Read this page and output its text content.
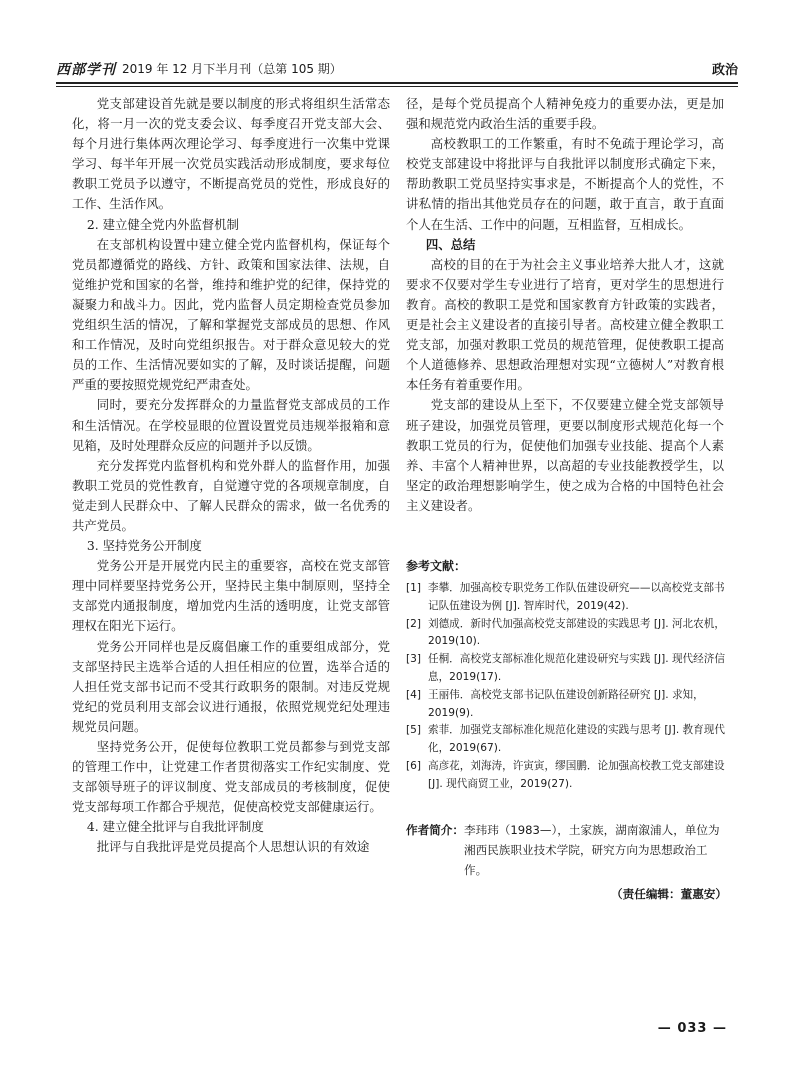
西部学刊 2019 年 12 月下半月刊（总第 105 期）	政治

党支部建设首先就是要以制度的形式将组织生活常态化，将一月一次的党支委会议、每季度召开党支部大会、每个月进行集体两次理论学习、每季度进行一次集中党课学习、每半年开展一次党员实践活动形成制度，要求每位教职工党员予以遵守，不断提高党员的党性，形成良好的工作、生活作风。

2. 建立健全党内外监督机制

在支部机构设置中建立健全党内监督机构，保证每个党员都遵循党的路线、方针、政策和国家法律、法规，自觉维护党和国家的名誉，维持和维护党的纪律，保持党的凝聚力和战斗力。因此，党内监督人员定期检查党员参加党组织生活的情况，了解和掌握党支部成员的思想、作风和工作情况，及时向党组织报告。对于群众意见较大的党员的工作、生活情况要如实的了解，及时谈话提醒，问题严重的要按照党规党纪严肃查处。

同时，要充分发挥群众的力量监督党支部成员的工作和生活情况。在学校显眼的位置设置党员违规举报箱和意见箱，及时处理群众反应的问题并予以反馈。

充分发挥党内监督机构和党外群人的监督作用，加强教职工党员的党性教育，自觉遵守党的各项规章制度，自觉走到人民群众中、了解人民群众的需求，做一名优秀的共产党员。

3. 坚持党务公开制度

党务公开是开展党内民主的重要容，高校在党支部管理中同样要坚持党务公开，坚持民主集中制原则，坚持全支部党内通报制度，增加党内生活的透明度，让党支部管理权在阳光下运行。

党务公开同样也是反腐倡廉工作的重要组成部分，党支部坚持民主选举合适的人担任相应的位置，选举合适的人担任党支部书记而不受其行政职务的限制。对违反党规党纪的党员利用支部会议进行通报，依照党规党纪处理违规党员问题。

坚持党务公开，促使每位教职工党员都参与到党支部的管理工作中，让党建工作者贯彻落实工作纪实制度、党支部领导班子的评议制度、党支部成员的考核制度，促使党支部每项工作都合乎规范，促使高校党支部健康运行。

4. 建立健全批评与自我批评制度

批评与自我批评是党员提高个人思想认识的有效途

径，是每个党员提高个人精神免疫力的重要办法，更是加强和规范党内政治生活的重要手段。

高校教职工的工作繁重，有时不免疏于理论学习，高校党支部建设中将批评与自我批评以制度形式确定下来，帮助教职工党员坚持实事求是，不断提高个人的党性，不讲私情的指出其他党员存在的问题，敢于直言，敢于直面个人在生活、工作中的问题，互相监督，互相成长。

四、总结

高校的目的在于为社会主义事业培养大批人才，这就要求不仅要对学生专业进行了培育，更对学生的思想进行教育。高校的教职工是党和国家教育方针政策的实践者，更是社会主义建设者的直接引导者。高校建立健全教职工党支部，加强对教职工党员的规范管理，促使教职工提高个人道德修养、思想政治理想对实现“立德树人”对教育根本任务有着重要作用。

党支部的建设从上至下，不仅要建立健全党支部领导班子建设，加强党员管理，更要以制度形式规范化每一个教职工党员的行为，促使他们加强专业技能、提高个人素养、丰富个人精神世界，以高超的专业技能教授学生，以坚定的政治理想影响学生，使之成为合格的中国特色社会主义建设者。

参考文献：
[1] 李攀．加强高校专职党务工作队伍建设研究——以高校党支部书记队伍建设为例 [J]. 智库时代，2019(42).
[2] 刘德成．新时代加强高校党支部建设的实践思考 [J]. 河北农机，2019(10).
[3] 任桐．高校党支部标准化规范化建设研究与实践 [J]. 现代经济信息，2019(17).
[4] 王丽伟．高校党支部书记队伍建设创新路径研究 [J]. 求知，2019(9).
[5] 索菲．加强党支部标准化规范化建设的实践与思考 [J]. 教育现代化，2019(67).
[6] 高彦花，刘海涛，许寅寅，缪国鹏．论加强高校教工党支部建设 [J]. 现代商贸工业，2019(27).
作者简介： 李玮玮（1983—），土家族，湖南溆浦人，单位为湘西民族职业技术学院，研究方向为思想政治工作。
（责任编辑：董惠安）
— 033 —
